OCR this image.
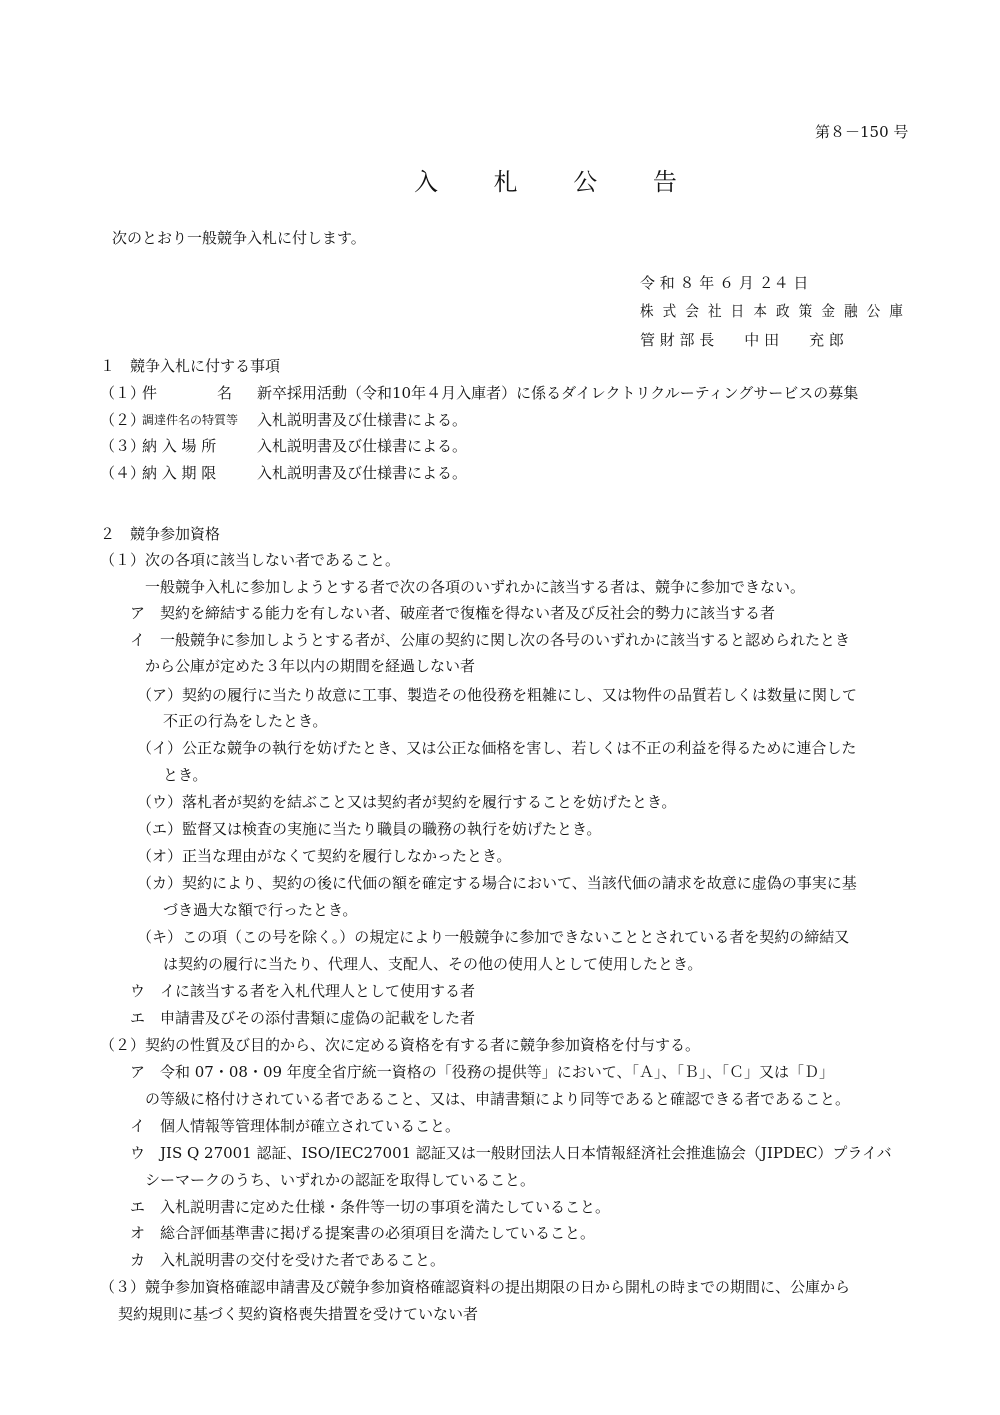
第８－150 号
入 札 公 告
次のとおり一般競争入札に付します。
令 和 ８ 年 ６ 月 ２４ 日
株式会社日本政策金融公庫
管 財 部 長　　中 田　　充 郎
１　競争入札に付する事項
（１）
件　　　　名 新卒採用活動（令和10年４月入庫者）に係るダイレクトリクルーティングサービスの募集
（２）
調達件名の特質等 入札説明書及び仕様書による。
（３）
納 入 場 所	入札説明書及び仕様書による。
（４）
納 入 期 限	入札説明書及び仕様書による。
２　競争参加資格
（１）次の各項に該当しない者であること。
一般競争入札に参加しようとする者で次の各項のいずれかに該当する者は、競争に参加できない。
ア　契約を締結する能力を有しない者、破産者で復権を得ない者及び反社会的勢力に該当する者
イ　一般競争に参加しようとする者が、公庫の契約に関し次の各号のいずれかに該当すると認められたとき
から公庫が定めた３年以内の期間を経過しない者
（ア）契約の履行に当たり故意に工事、製造その他役務を粗雑にし、又は物件の品質若しくは数量に関して
不正の行為をしたとき。
（イ）公正な競争の執行を妨げたとき、又は公正な価格を害し、若しくは不正の利益を得るために連合した
とき。
（ウ）落札者が契約を結ぶこと又は契約者が契約を履行することを妨げたとき。
（エ）監督又は検査の実施に当たり職員の職務の執行を妨げたとき。
（オ）正当な理由がなくて契約を履行しなかったとき。
（カ）契約により、契約の後に代価の額を確定する場合において、当該代価の請求を故意に虚偽の事実に基
づき過大な額で行ったとき。
（キ）この項（この号を除く。）の規定により一般競争に参加できないこととされている者を契約の締結又
は契約の履行に当たり、代理人、支配人、その他の使用人として使用したとき。
ウ　イに該当する者を入札代理人として使用する者
エ　申請書及びその添付書類に虚偽の記載をした者
（２）契約の性質及び目的から、次に定める資格を有する者に競争参加資格を付与する。
ア　令和 07・08・09 年度全省庁統一資格の「役務の提供等」において、「Ａ」、「Ｂ」、「Ｃ」又は「Ｄ」
の等級に格付けされている者であること、又は、申請書類により同等であると確認できる者であること。
イ　個人情報等管理体制が確立されていること。
ウ　JIS Q 27001 認証、ISO/IEC27001 認証又は一般財団法人日本情報経済社会推進協会（JIPDEC）プライバ
シーマークのうち、いずれかの認証を取得していること。
エ　入札説明書に定めた仕様・条件等一切の事項を満たしていること。
オ　総合評価基準書に掲げる提案書の必須項目を満たしていること。
カ　入札説明書の交付を受けた者であること。
（３）競争参加資格確認申請書及び競争参加資格確認資料の提出期限の日から開札の時までの期間に、公庫から
契約規則に基づく契約資格喪失措置を受けていない者
